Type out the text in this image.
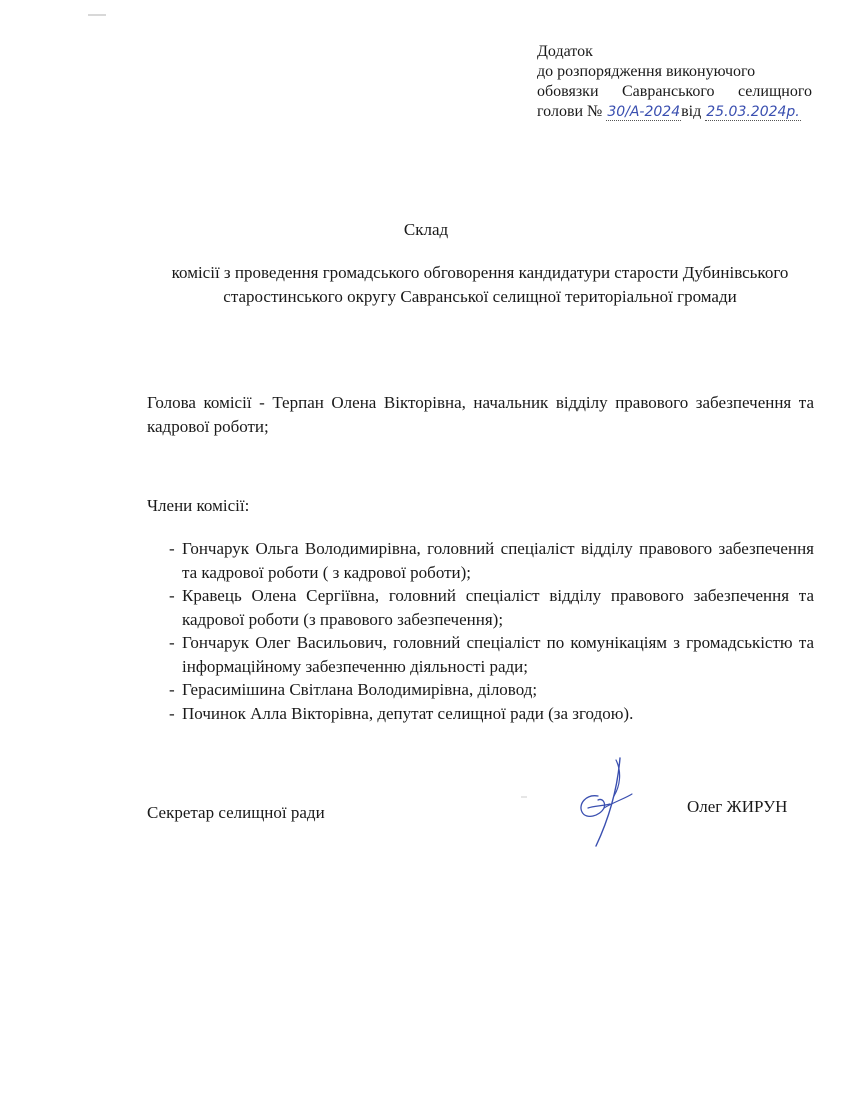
Додаток
до розпорядження виконуючого
обовязки Савранського селищного
голови № 30/А-2024від 25.03.2024р.
Склад
комісії з проведення громадського обговорення кандидатури старости Дубинівського старостинського округу Савранської селищної територіальної громади
Голова комісії - Терпан Олена Вікторівна, начальник відділу правового забезпечення та кадрової роботи;
Члени комісії:
- Гончарук Ольга Володимирівна, головний спеціаліст відділу правового забезпечення та кадрової роботи ( з кадрової роботи);
- Кравець Олена Сергіївна, головний спеціаліст відділу правового забезпечення та кадрової роботи (з правового забезпечення);
- Гончарук Олег Васильович, головний спеціаліст по комунікаціям з громадськістю та інформаційному забезпеченню діяльності ради;
- Герасимішина Світлана Володимирівна, діловод;
- Починок Алла Вікторівна, депутат селищної ради (за згодою).
Секретар селищної ради	Олег ЖИРУН
